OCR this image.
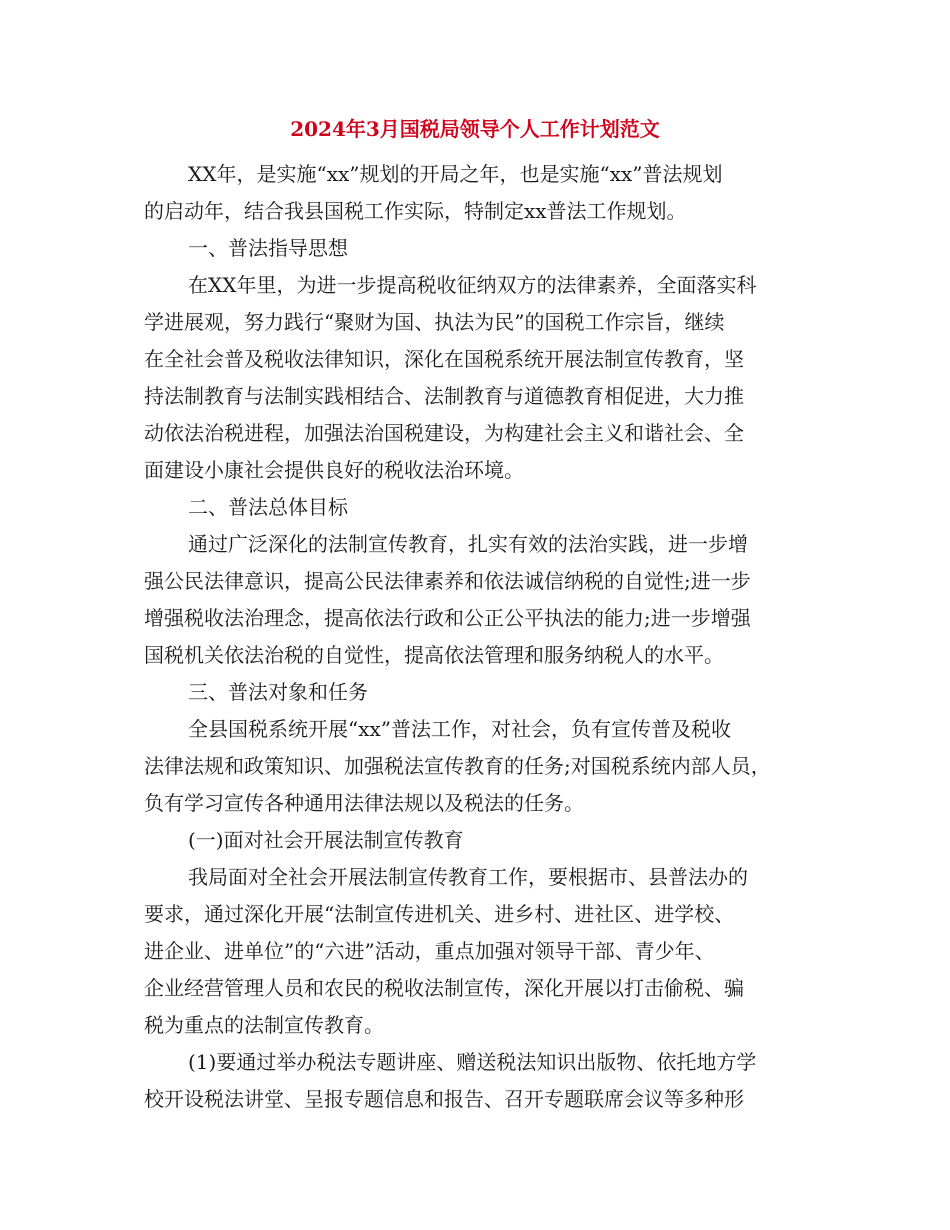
2024年3月国税局领导个人工作计划范文
XX年，是实施“xx”规划的开局之年，也是实施“xx”普法规划
的启动年，结合我县国税工作实际，特制定xx普法工作规划。
一、普法指导思想
在XX年里，为进一步提高税收征纳双方的法律素养，全面落实科
学进展观，努力践行“聚财为国、执法为民”的国税工作宗旨，继续
在全社会普及税收法律知识，深化在国税系统开展法制宣传教育，坚
持法制教育与法制实践相结合、法制教育与道德教育相促进，大力推
动依法治税进程，加强法治国税建设，为构建社会主义和谐社会、全
面建设小康社会提供良好的税收法治环境。
二、普法总体目标
通过广泛深化的法制宣传教育，扎实有效的法治实践，进一步增
强公民法律意识，提高公民法律素养和依法诚信纳税的自觉性;进一步
增强税收法治理念，提高依法行政和公正公平执法的能力;进一步增强
国税机关依法治税的自觉性，提高依法管理和服务纳税人的水平。
三、普法对象和任务
全县国税系统开展“xx”普法工作，对社会，负有宣传普及税收
法律法规和政策知识、加强税法宣传教育的任务;对国税系统内部人员，
负有学习宣传各种通用法律法规以及税法的任务。
(一)面对社会开展法制宣传教育
我局面对全社会开展法制宣传教育工作，要根据市、县普法办的
要求，通过深化开展“法制宣传进机关、进乡村、进社区、进学校、
进企业、进单位”的“六进”活动，重点加强对领导干部、青少年、
企业经营管理人员和农民的税收法制宣传，深化开展以打击偷税、骗
税为重点的法制宣传教育。
(1)要通过举办税法专题讲座、赠送税法知识出版物、依托地方学
校开设税法讲堂、呈报专题信息和报告、召开专题联席会议等多种形
